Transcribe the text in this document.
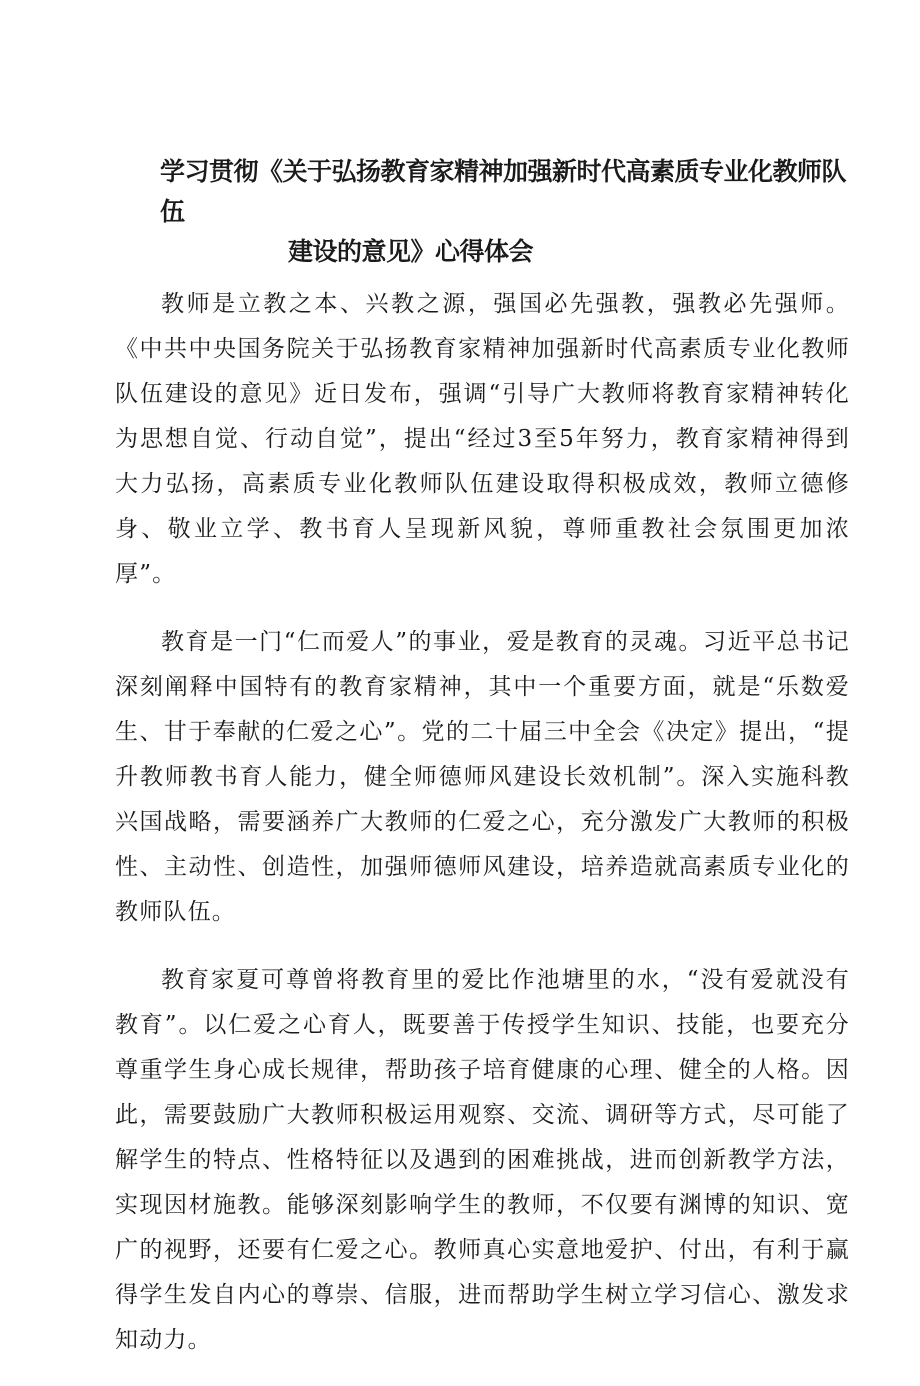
学习贯彻《关于弘扬教育家精神加强新时代高素质专业化教师队伍
建设的意见》心得体会

教师是立教之本、兴教之源，强国必先强教，强教必先强师。《中共中央国务院关于弘扬教育家精神加强新时代高素质专业化教师队伍建设的意见》近日发布，强调“引导广大教师将教育家精神转化为思想自觉、行动自觉”，提出“经过3至5年努力，教育家精神得到大力弘扬，高素质专业化教师队伍建设取得积极成效，教师立德修身、敬业立学、教书育人呈现新风貌，尊师重教社会氛围更加浓厚”。

教育是一门“仁而爱人”的事业，爱是教育的灵魂。习近平总书记深刻阐释中国特有的教育家精神，其中一个重要方面，就是“乐数爱生、甘于奉献的仁爱之心”。党的二十届三中全会《决定》提出，“提升教师教书育人能力，健全师德师风建设长效机制”。深入实施科教兴国战略，需要涵养广大教师的仁爱之心，充分激发广大教师的积极性、主动性、创造性，加强师德师风建设，培养造就高素质专业化的教师队伍。

教育家夏可尊曾将教育里的爱比作池塘里的水，“没有爱就没有教育”。以仁爱之心育人，既要善于传授学生知识、技能，也要充分尊重学生身心成长规律，帮助孩子培育健康的心理、健全的人格。因此，需要鼓励广大教师积极运用观察、交流、调研等方式，尽可能了解学生的特点、性格特征以及遇到的困难挑战，进而创新教学方法，实现因材施教。能够深刻影响学生的教师，不仅要有渊博的知识、宽广的视野，还要有仁爱之心。教师真心实意地爱护、付出，有利于赢得学生发自内心的尊崇、信服，进而帮助学生树立学习信心、激发求知动力。
